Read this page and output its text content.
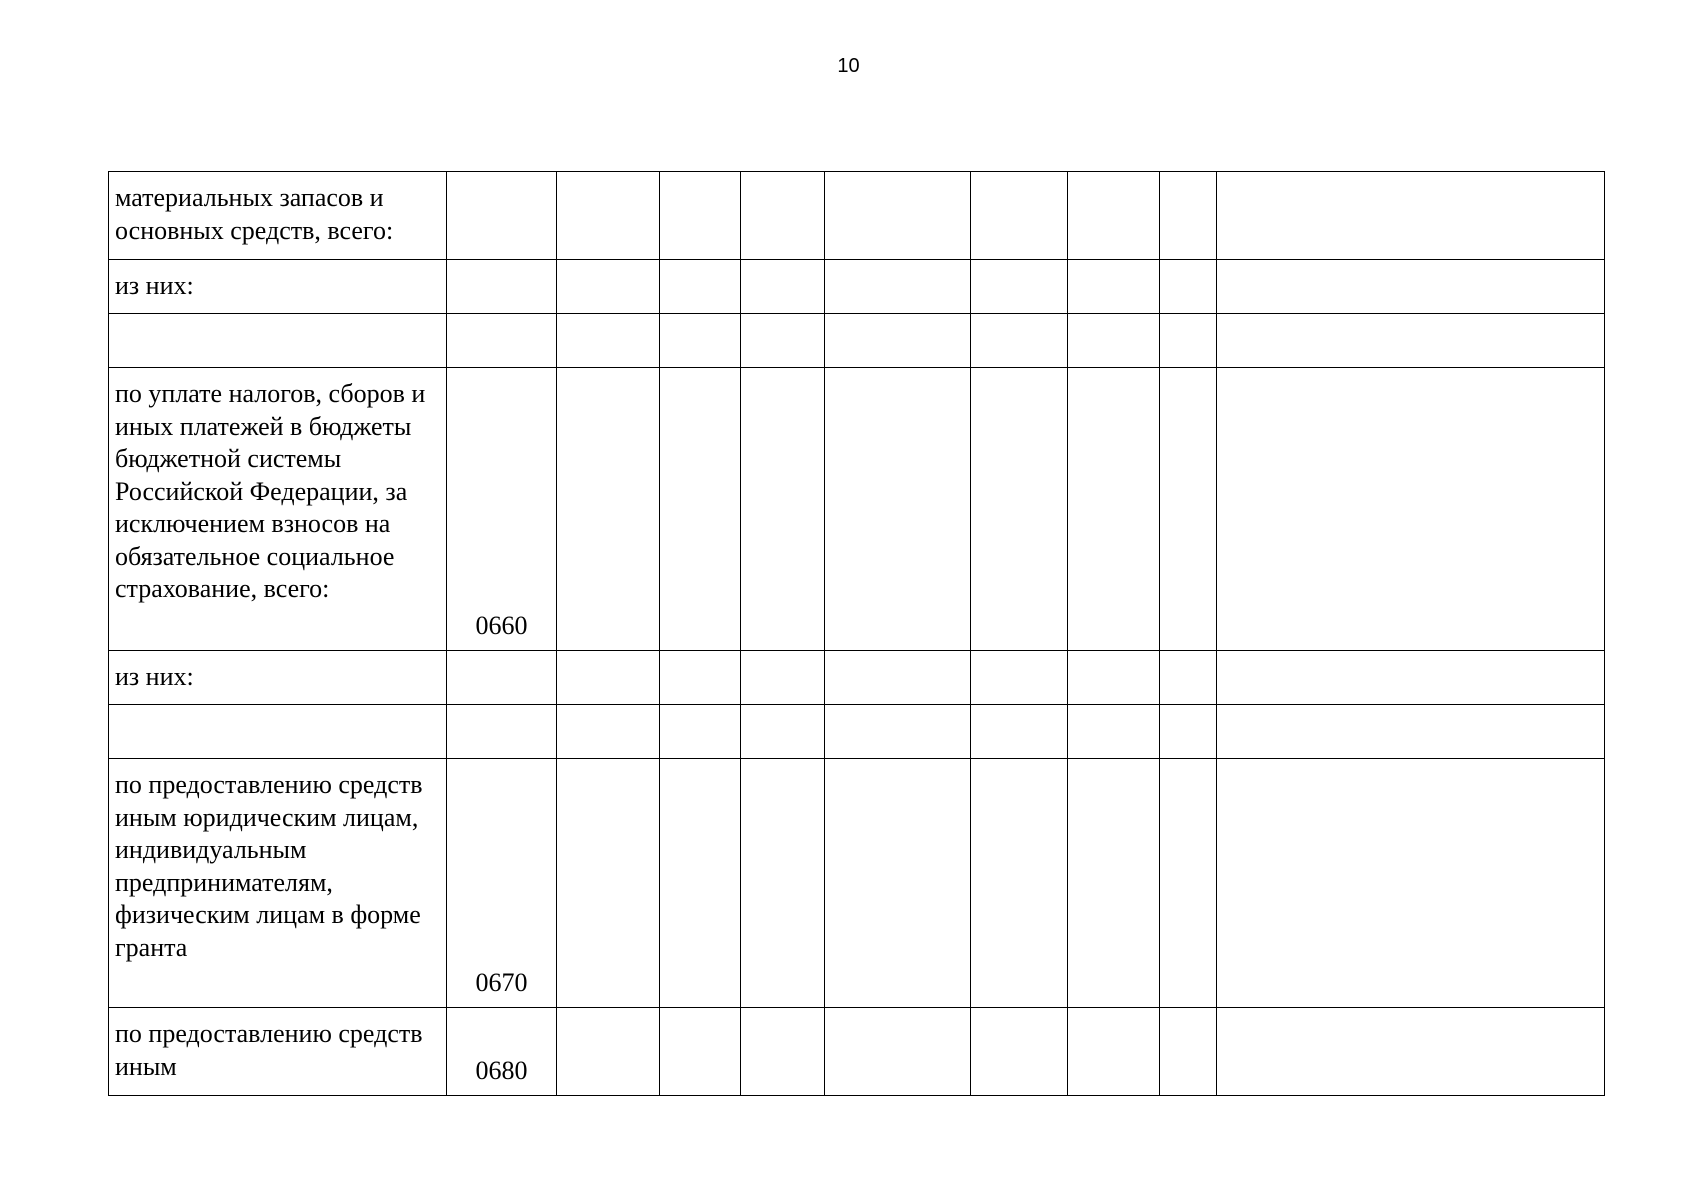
10
материальных запасов и основных средств, всего:									
из них:									

по уплате налогов, сборов и иных платежей в бюджеты бюджетной системы Российской Федерации, за исключением взносов на обязательное социальное страхование, всего:	0660								
из них:									

по предоставлению средств иным юридическим лицам, индивидуальным предпринимателям, физическим лицам в форме гранта	0670								
по предоставлению средств иным	0680								
